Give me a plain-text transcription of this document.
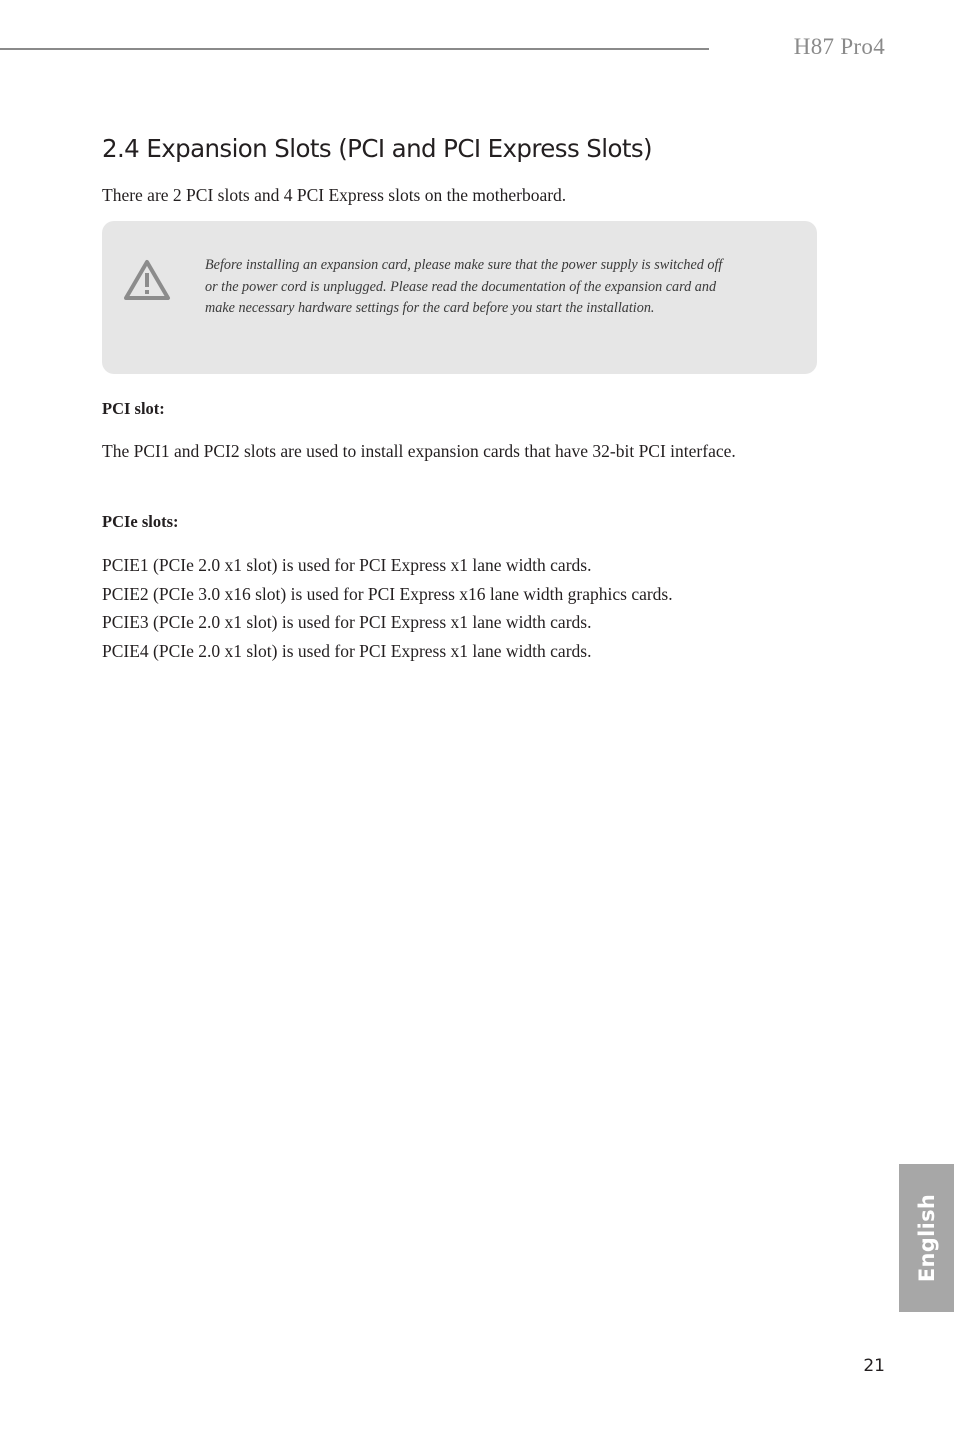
H87 Pro4
2.4 Expansion Slots (PCI and PCI Express Slots)

There are 2 PCI slots and 4 PCI Express slots on the motherboard.

Before installing an expansion card, please make sure that the power supply is switched off or the power cord is unplugged. Please read the documentation of the expansion card and make necessary hardware settings for the card before you start the installation.
PCI slot:

The PCI1 and PCI2 slots are used to install expansion cards that have 32-bit PCI interface.

PCIe slots:
PCIE1 (PCIe 2.0 x1 slot) is used for PCI Express x1 lane width cards.
PCIE2 (PCIe 3.0 x16 slot) is used for PCI Express x16 lane width graphics cards.
PCIE3 (PCIe 2.0 x1 slot) is used for PCI Express x1 lane width cards.
PCIE4 (PCIe 2.0 x1 slot) is used for PCI Express x1 lane width cards.
English
21
